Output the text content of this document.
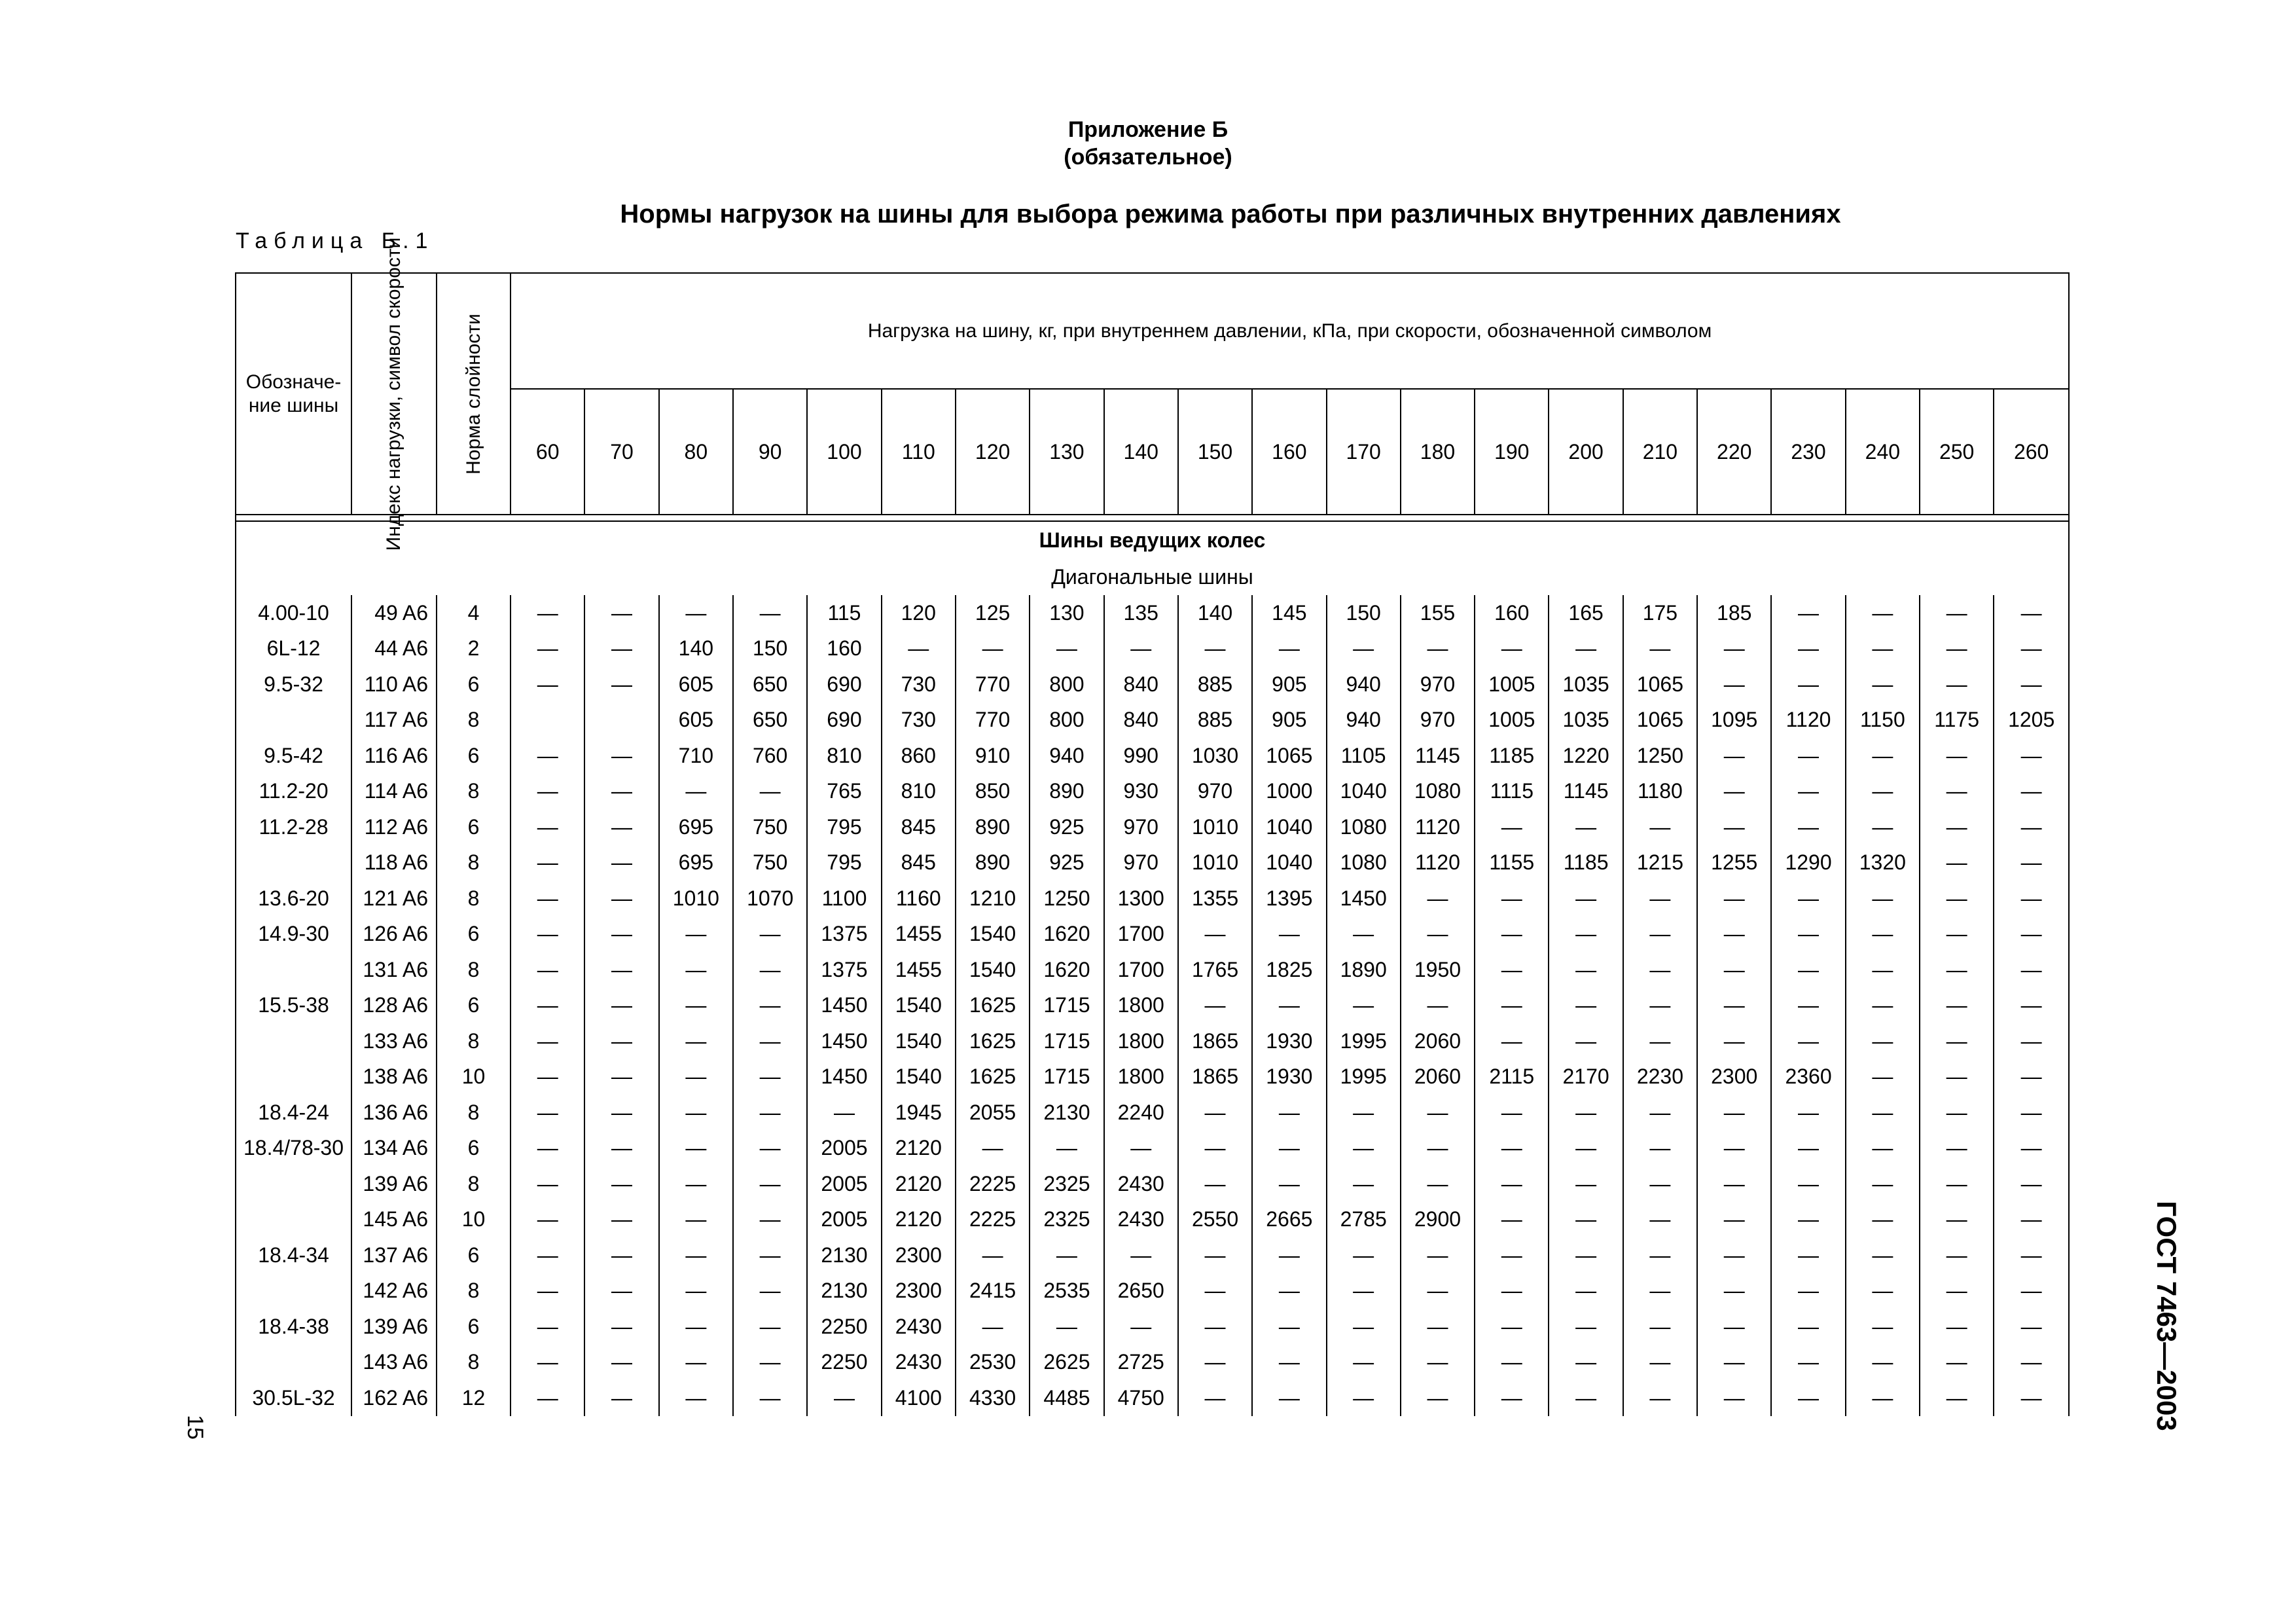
Приложение Б
(обязательное)
Нормы нагрузок на шины для выбора режима работы при различных внутренних давлениях
Таблица Б.1
Обозначе-ние шины	Индекс нагрузки, символ скорости	Норма слойности	Нагрузка на шину, кг, при внутреннем давлении, кПа, при скорости, обозначенной символом																				
			60	70	80	90	100	110	120	130	140	150	160	170	180	190	200	210	220	230	240	250	260

Шины ведущих колес																							
Диагональные шины																							
4.00-10	49 A6	4	—	—	—	—	115	120	125	130	135	140	145	150	155	160	165	175	185	—	—	—	—
6L-12	44 A6	2	—	—	140	150	160	—	—	—	—	—	—	—	—	—	—	—	—	—	—	—	—
9.5-32	110 A6	6	—	—	605	650	690	730	770	800	840	885	905	940	970	1005	1035	1065	—	—	—	—	—
	117 A6	8			605	650	690	730	770	800	840	885	905	940	970	1005	1035	1065	1095	1120	1150	1175	1205
9.5-42	116 A6	6	—	—	710	760	810	860	910	940	990	1030	1065	1105	1145	1185	1220	1250	—	—	—	—	—
11.2-20	114 A6	8	—	—	—	—	765	810	850	890	930	970	1000	1040	1080	1115	1145	1180	—	—	—	—	—
11.2-28	112 A6	6	—	—	695	750	795	845	890	925	970	1010	1040	1080	1120	—	—	—	—	—	—	—	—
	118 A6	8	—	—	695	750	795	845	890	925	970	1010	1040	1080	1120	1155	1185	1215	1255	1290	1320	—	—
13.6-20	121 A6	8	—	—	1010	1070	1100	1160	1210	1250	1300	1355	1395	1450	—	—	—	—	—	—	—	—	—
14.9-30	126 A6	6	—	—	—	—	1375	1455	1540	1620	1700	—	—	—	—	—	—	—	—	—	—	—	—
	131 A6	8	—	—	—	—	1375	1455	1540	1620	1700	1765	1825	1890	1950	—	—	—	—	—	—	—	—
15.5-38	128 A6	6	—	—	—	—	1450	1540	1625	1715	1800	—	—	—	—	—	—	—	—	—	—	—	—
	133 A6	8	—	—	—	—	1450	1540	1625	1715	1800	1865	1930	1995	2060	—	—	—	—	—	—	—	—
	138 A6	10	—	—	—	—	1450	1540	1625	1715	1800	1865	1930	1995	2060	2115	2170	2230	2300	2360	—	—	—
18.4-24	136 A6	8	—	—	—	—	—	1945	2055	2130	2240	—	—	—	—	—	—	—	—	—	—	—	—
18.4/78-30	134 A6	6	—	—	—	—	2005	2120	—	—	—	—	—	—	—	—	—	—	—	—	—	—	—
	139 A6	8	—	—	—	—	2005	2120	2225	2325	2430	—	—	—	—	—	—	—	—	—	—	—	—
	145 A6	10	—	—	—	—	2005	2120	2225	2325	2430	2550	2665	2785	2900	—	—	—	—	—	—	—	—
18.4-34	137 A6	6	—	—	—	—	2130	2300	—	—	—	—	—	—	—	—	—	—	—	—	—	—	—
	142 A6	8	—	—	—	—	2130	2300	2415	2535	2650	—	—	—	—	—	—	—	—	—	—	—	—
18.4-38	139 A6	6	—	—	—	—	2250	2430	—	—	—	—	—	—	—	—	—	—	—	—	—	—	—
	143 A6	8	—	—	—	—	2250	2430	2530	2625	2725	—	—	—	—	—	—	—	—	—	—	—	—
30.5L-32	162 A6	12	—	—	—	—	—	4100	4330	4485	4750	—	—	—	—	—	—	—	—	—	—	—	—
15	ГОСТ 7463—2003
